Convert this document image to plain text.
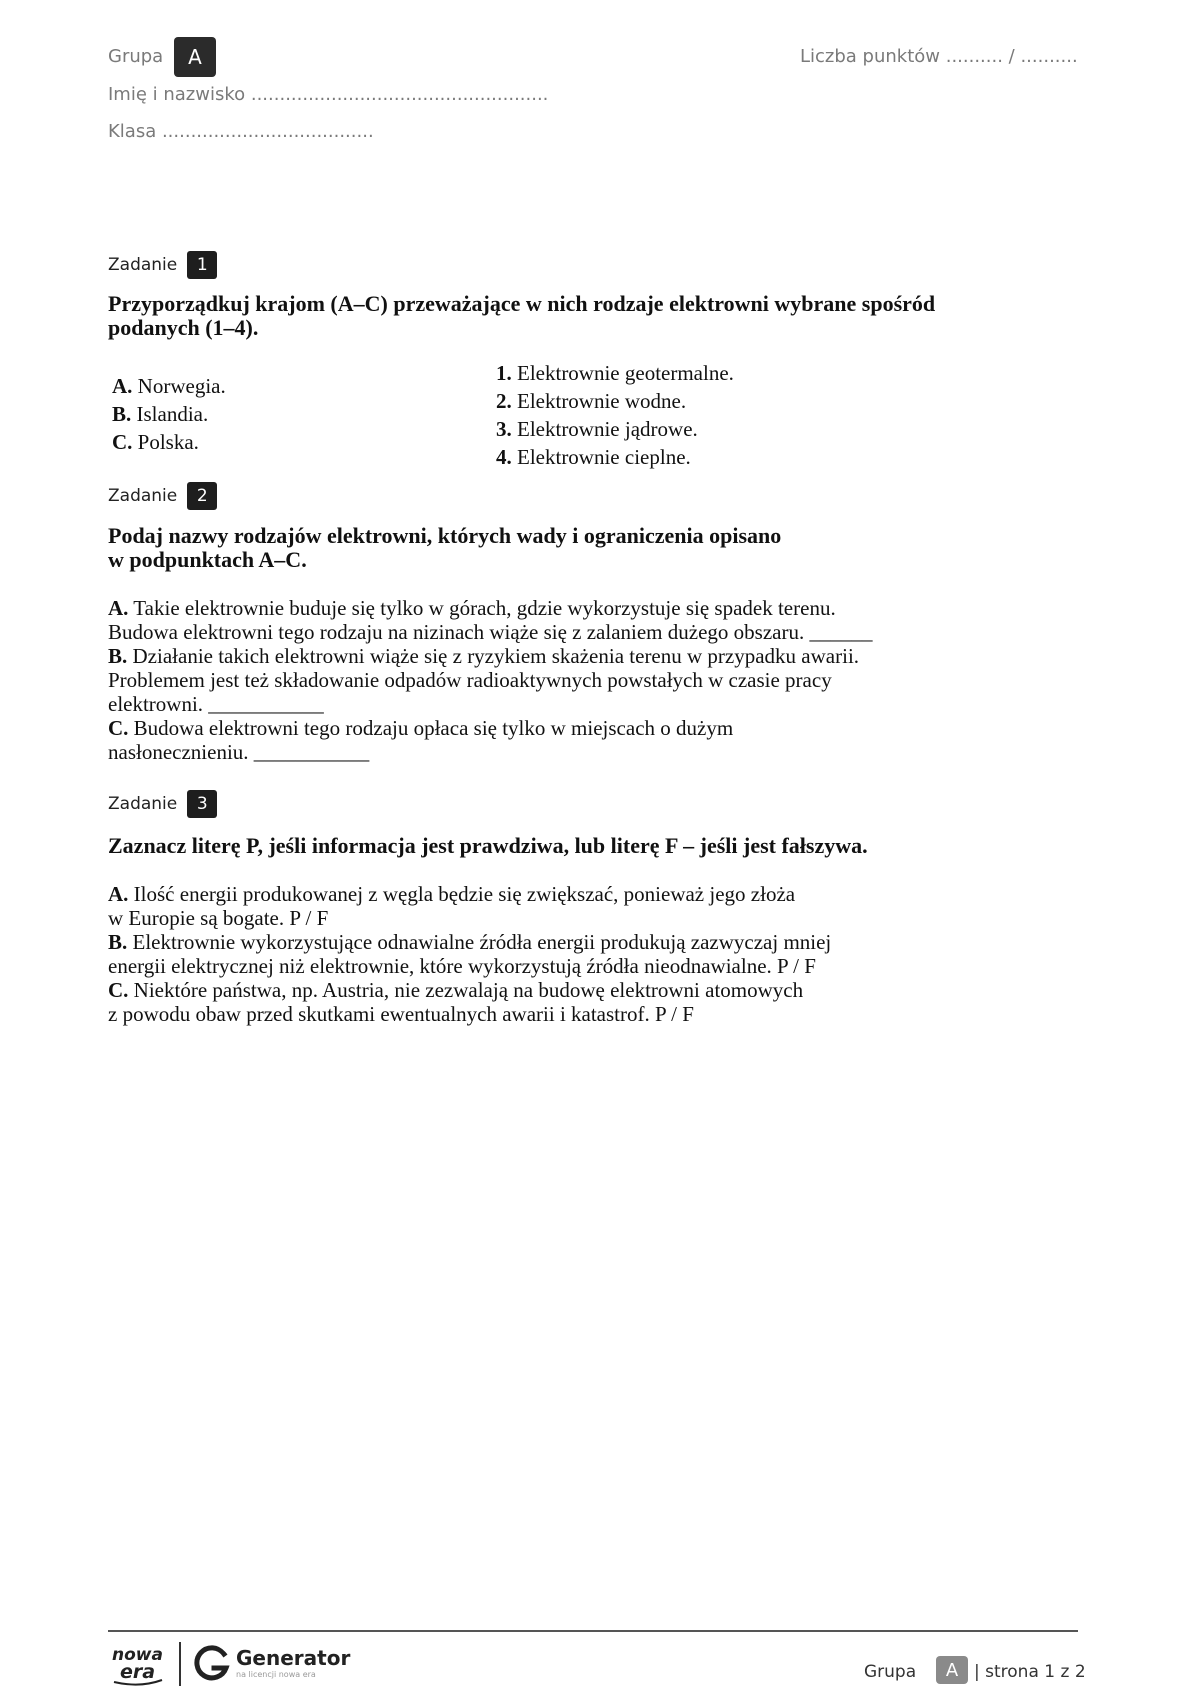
Grupa	A	Liczba punktów .......... / ..........
Imię i nazwisko ....................................................
Klasa .....................................
Zadanie	1
Przyporządkuj krajom (A–C) przeważające w nich rodzaje elektrowni wybrane spośród podanych (1–4).
A. Norwegia.
B. Islandia.
C. Polska.
1. Elektrownie geotermalne.
2. Elektrownie wodne.
3. Elektrownie jądrowe.
4. Elektrownie cieplne.
Zadanie	2
Podaj nazwy rodzajów elektrowni, których wady i ograniczenia opisano
w podpunktach A–C.
A. Takie elektrownie buduje się tylko w górach, gdzie wykorzystuje się spadek terenu.
Budowa elektrowni tego rodzaju na nizinach wiąże się z zalaniem dużego obszaru. ______
B. Działanie takich elektrowni wiąże się z ryzykiem skażenia terenu w przypadku awarii.
Problemem jest też składowanie odpadów radioaktywnych powstałych w czasie pracy
elektrowni. ___________
C. Budowa elektrowni tego rodzaju opłaca się tylko w miejscach o dużym
nasłonecznieniu. ___________
Zadanie	3
Zaznacz literę P, jeśli informacja jest prawdziwa, lub literę F – jeśli jest fałszywa.
A. Ilość energii produkowanej z węgla będzie się zwiększać, ponieważ jego złoża
w Europie są bogate. P / F
B. Elektrownie wykorzystujące odnawialne źródła energii produkują zazwyczaj mniej
energii elektrycznej niż elektrownie, które wykorzystują źródła nieodnawialne. P / F
C. Niektóre państwa, np. Austria, nie zezwalają na budowę elektrowni atomowych
z powodu obaw przed skutkami ewentualnych awarii i katastrof. P / F
nowa
era
Generator
na licencji nowa era	Grupa	A | strona 1 z 2
